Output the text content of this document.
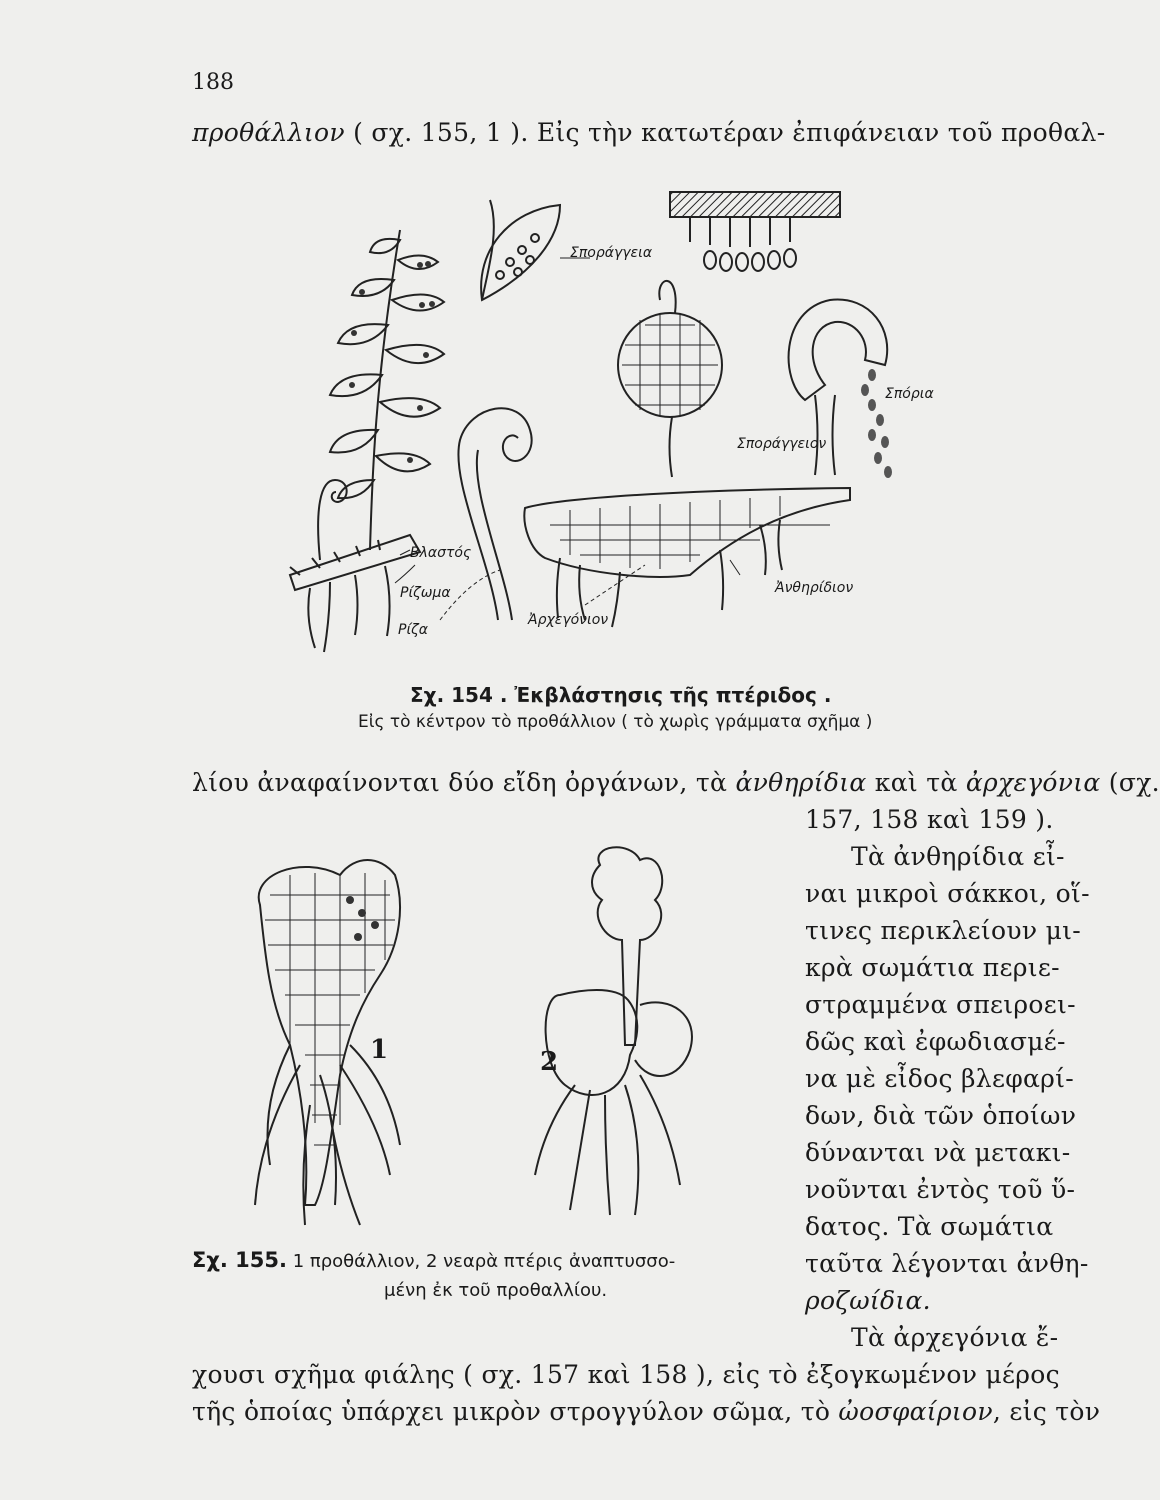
188
προθάλλιον ( σχ. 155, 1 ). Εἰς τὴν κατωτέραν ἐπιφάνειαν τοῦ προθαλ-
Σποράγγεια
Σπόρια
Σποράγγειον
Βλαστός
Ρίζωμα
Ρίζα
Ἀρχεγόνιον
Ἀνθηρίδιον
Σχ. 154 . Ἐκβλάστησις τῆς πτέριδος .
Εἰς τὸ κέντρον τὸ προθάλλιον ( τὸ χωρὶς γράμματα σχῆμα )
λίου ἀναφαίνονται δύο εἴδη ὀργάνων, τὰ ἀνθηρίδια καὶ τὰ ἀρχεγόνια (σχ.
157, 158 καὶ 159 ).
Τὰ ἀνθηρίδια εἶ-
ναι μικροὶ σάκκοι, οἵ-
τινες περικλείουν μι-
κρὰ σωμάτια περιε-
στραμμένα σπειροει-
δῶς καὶ ἐφωδιασμέ-
να μὲ εἶδος βλεφαρί-
δων, διὰ τῶν ὁποίων
δύνανται νὰ μετακι-
νοῦνται ἐντὸς τοῦ ὕ-
δατος. Τὰ σωμάτια
ταῦτα λέγονται ἀνθη-
ροζωίδια.
Τὰ ἀρχεγόνια ἔ-
1	2
Σχ. 155. 1 προθάλλιον, 2 νεαρὰ πτέρις ἀναπτυσσο-
μένη ἐκ τοῦ προθαλλίου.
χουσι σχῆμα φιάλης ( σχ. 157 καὶ 158 ), εἰς τὸ ἐξογκωμένον μέρος
τῆς ὁποίας ὑπάρχει μικρὸν στρογγύλον σῶμα, τὸ ὠοσφαίριον, εἰς τὸν
